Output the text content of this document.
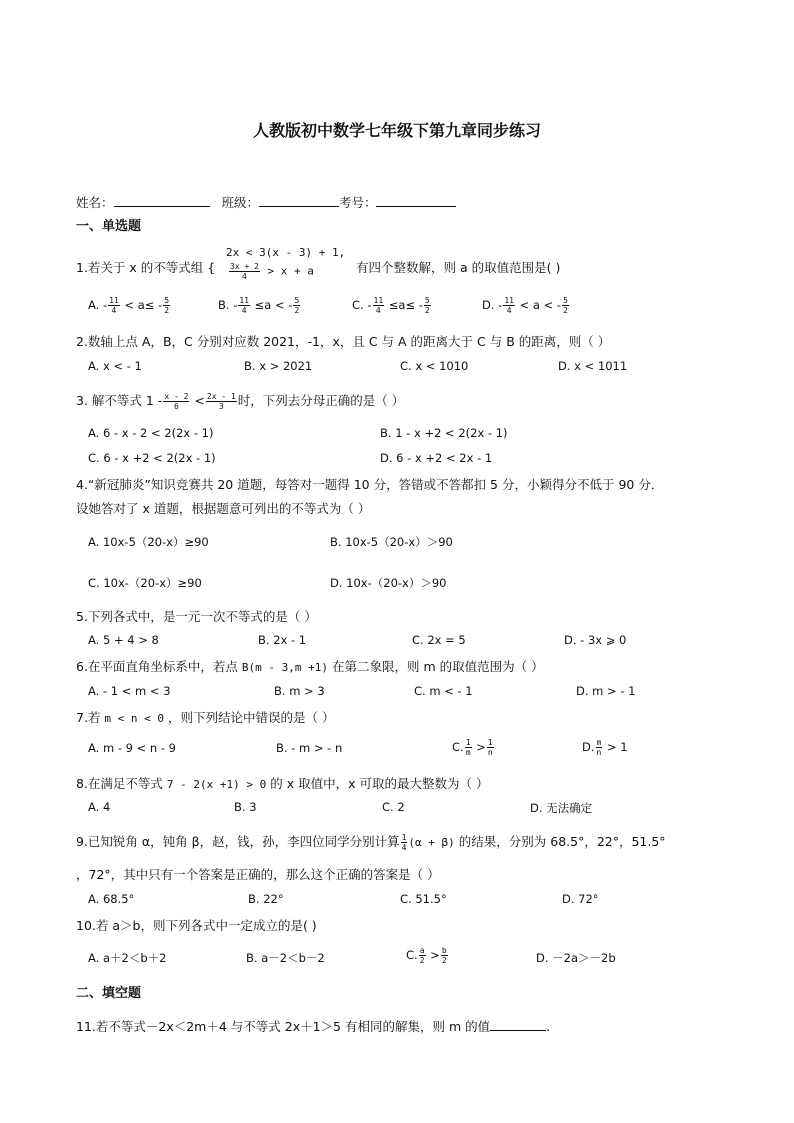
人教版初中数学七年级下第九章同步练习
姓名：	班级：	考号：
一、单选题
1.若关于 x 的不等式组 {
2x < 3(x - 3) + 1,
$\frac{3x + 2}{4} > x + a$	有四个整数解，则 a 的取值范围是( )
A. - $\frac{11}{4} < a\le - \frac{5}{2}$	B. - $\frac{11}{4} \le a$ < - $\frac{5}{2}$	C. - $\frac{11}{4} \le a\le - \frac{5}{2}$	D. - $\frac{11}{4} < a$ < - $\frac{5}{2}$
2.数轴上点 A，B，C 分别对应数 2021，-1，x，且 C 与 A 的距离大于 C 与 B 的距离，则（ ）
A. x < - 1	B. x > 2021	C. x < 1010	D. x < 1011
3. 解不等式 $1 - \frac{x - 2}{6} < \frac{2x - 1}{3}$ 时，下列去分母正确的是（ ）
A. 6 - x - 2 < 2(2x - 1)	B. 1 - x +2 < 2(2x - 1)
C. 6 - x +2 < 2(2x - 1)	D. 6 - x +2 < 2x - 1
4.“新冠肺炎”知识竞赛共 20 道题，每答对一题得 10 分，答错或不答都扣 5 分，小颖得分不低于 90 分．
设她答对了 x 道题，根据题意可列出的不等式为（ ）
A. 10x-5（20-x）≥90	B. 10x-5（20-x）＞90
C. 10x-（20-x）≥90	D. 10x-（20-x）＞90
5.下列各式中，是一元一次不等式的是（ ）
A. 5 + 4 > 8	B. 2x - 1	C. 2x = 5	D. - 3x ⩾ 0
6.在平面直角坐标系中，若点 B(m - 3,m +1) 在第二象限，则 m 的取值范围为（ ）
A. - 1 < m < 3	B. m > 3	C. m < - 1	D. m > - 1
7.若 m < n < 0 ，则下列结论中错误的是（ ）
A. m - 9 < n - 9	B. - m > - n	C. $\frac{1}{m} > \frac{1}{n}$	D. $\frac{m}{n} > 1$
8.在满足不等式 7 - 2(x +1) > 0 的 x 取值中，x 可取的最大整数为（ ）
A. 4	B. 3	C. 2	D. 无法确定
9.已知锐角 α，钝角 β，赵，钱，孙，李四位同学分别计算 $\frac{1}{4} (\alpha + \beta)$ 的结果，分别为 68.5°，22°，51.5°
，72°，其中只有一个答案是正确的，那么这个正确的答案是（ ）
A. 68.5°	B. 22°	C. 51.5°	D. 72°
10.若 a＞b，则下列各式中一定成立的是( )
A. a＋2＜b＋2	B. a－2＜b－2	C. $\frac{a}{2} > \frac{b}{2}$	D. －2a＞－2b
二、填空题
11.若不等式－2x＜2m＋4 与不等式 2x＋1＞5 有相同的解集，则 m 的值	.
